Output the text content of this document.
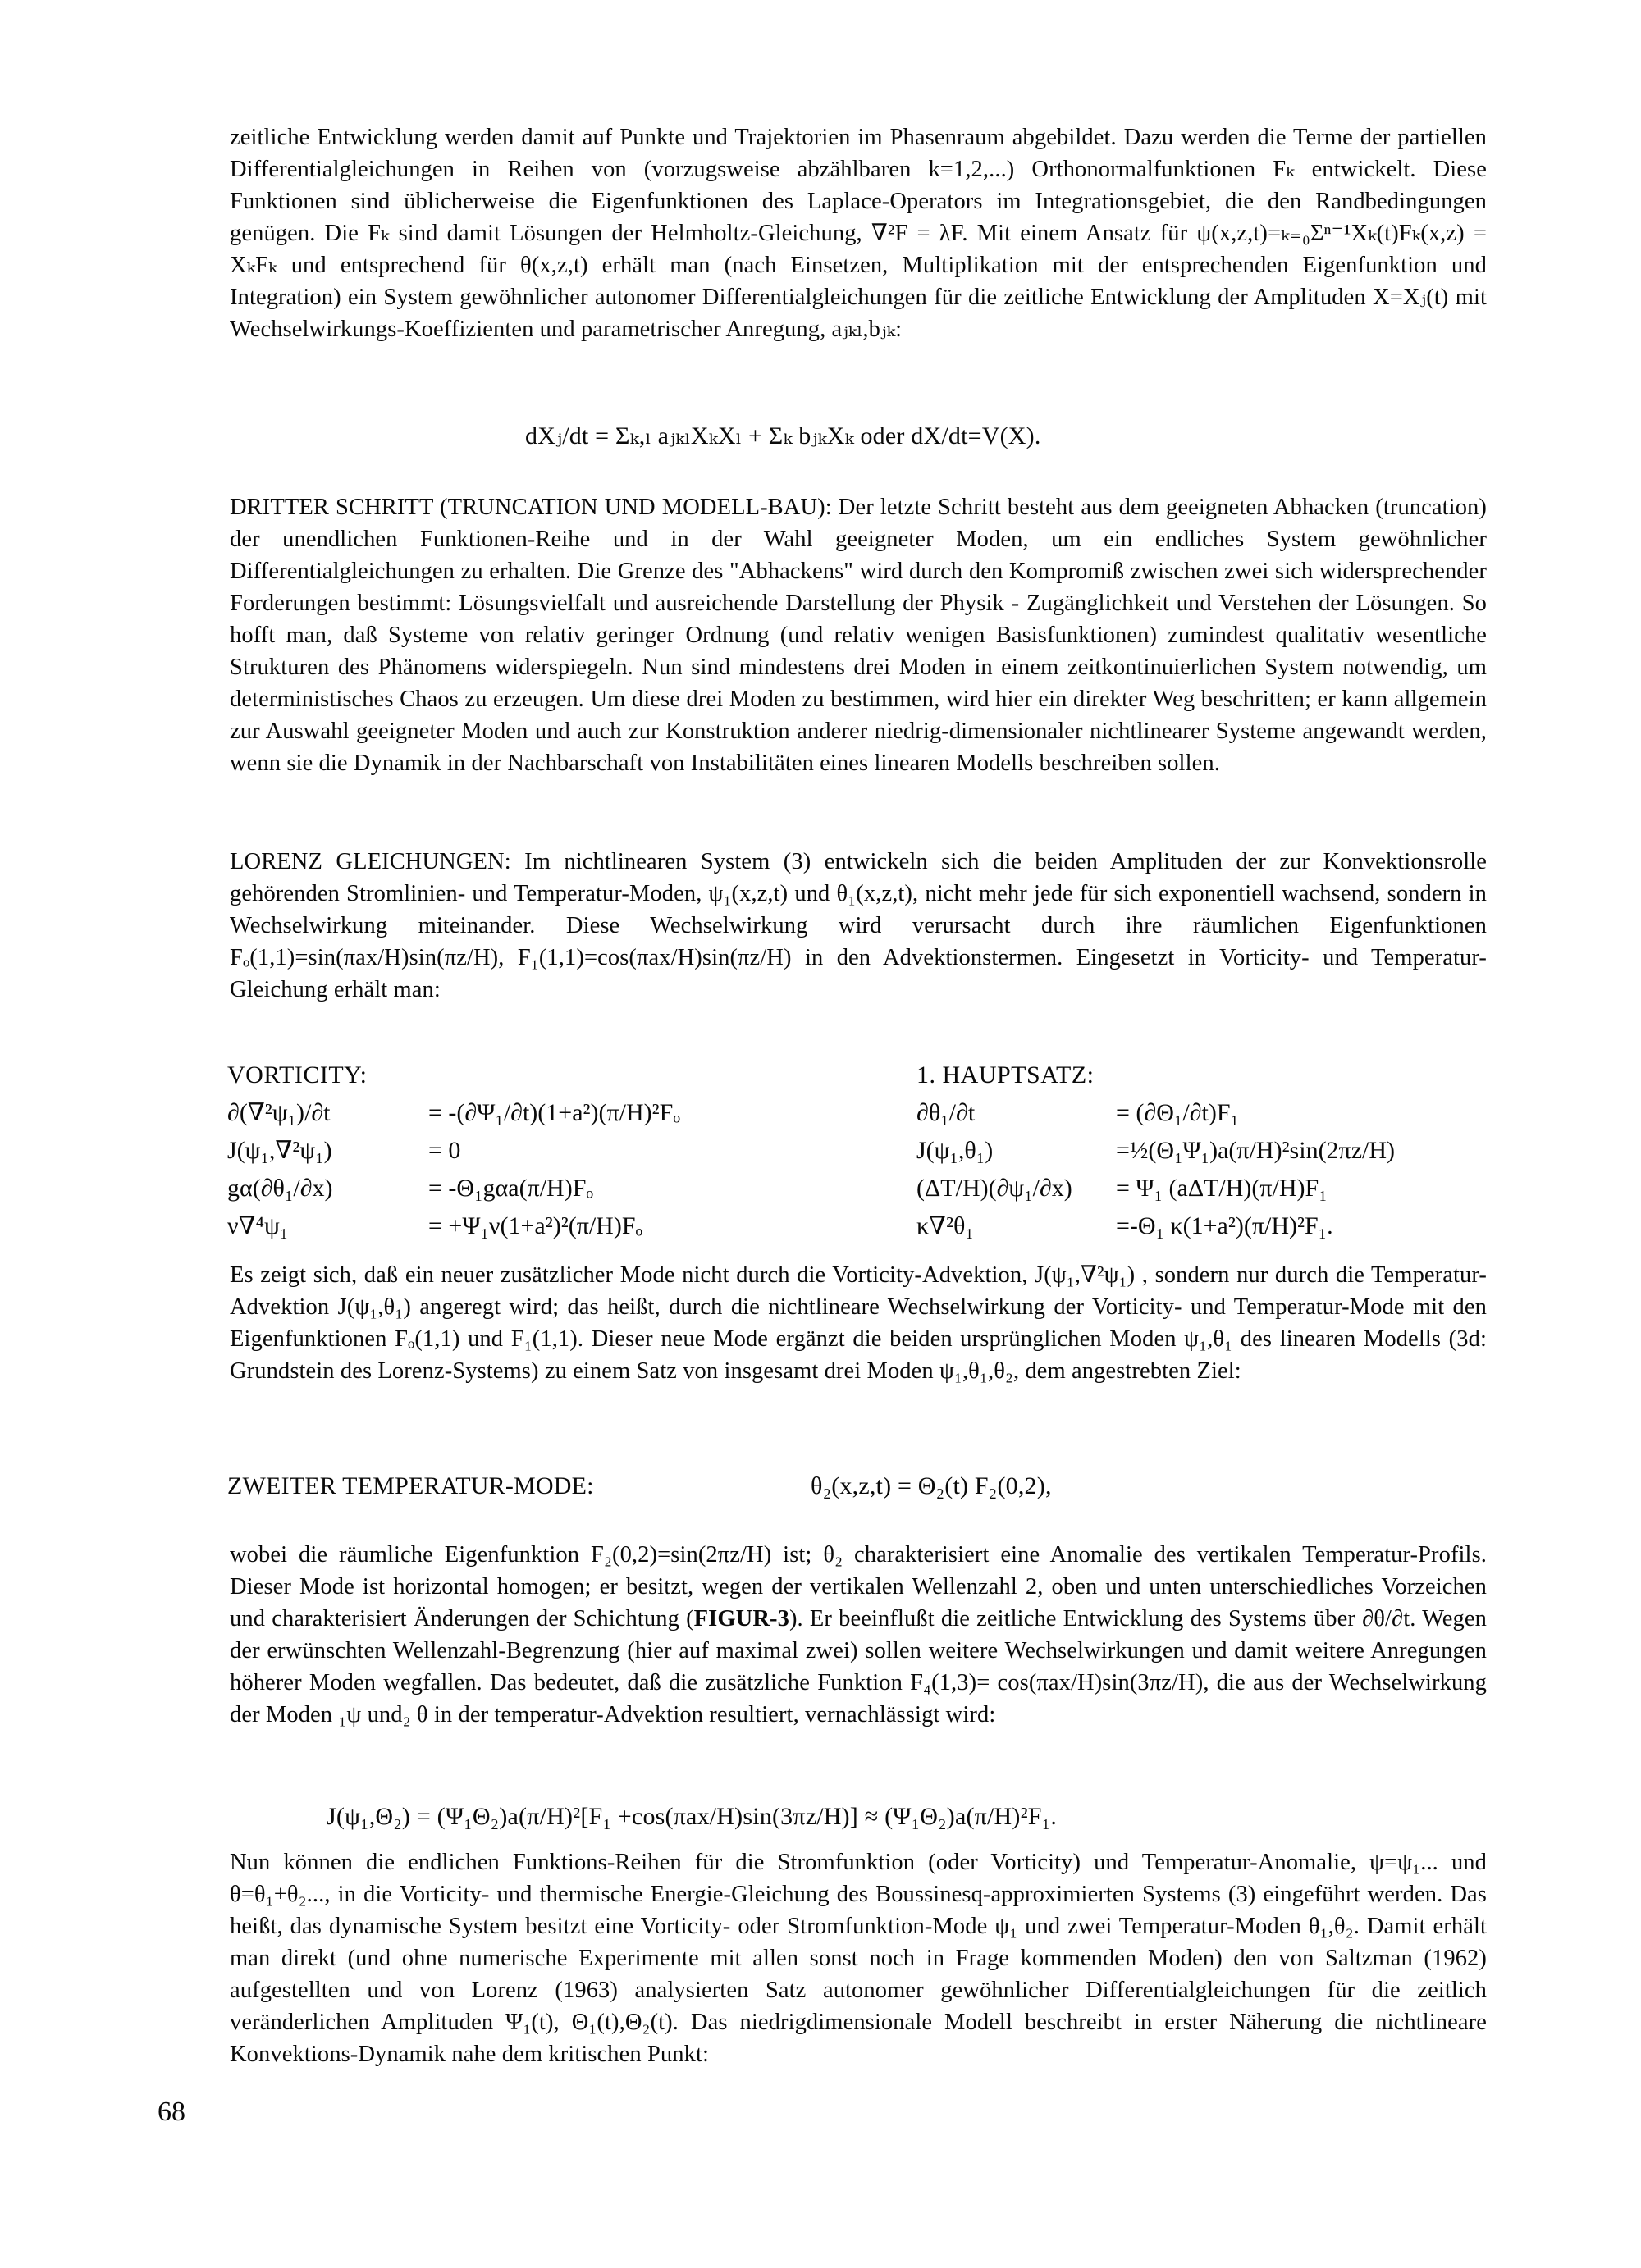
zeitliche Entwicklung werden damit auf Punkte und Trajektorien im Phasenraum abgebildet. Dazu werden die Terme der partiellen Differentialgleichungen in Reihen von (vorzugsweise abzählbaren k=1,2,...) Orthonormalfunktionen Fₖ entwickelt. Diese Funktionen sind üblicherweise die Eigenfunktionen des Laplace-Operators im Integrationsgebiet, die den Randbedingungen genügen. Die Fₖ sind damit Lösungen der Helmholtz-Gleichung, ∇²F = λF. Mit einem Ansatz für ψ(x,z,t)=ₖ₌₀Σⁿ⁻¹Xₖ(t)Fₖ(x,z) = XₖFₖ und entsprechend für θ(x,z,t) erhält man (nach Einsetzen, Multiplikation mit der entsprechenden Eigenfunktion und Integration) ein System gewöhnlicher autonomer Differentialgleichungen für die zeitliche Entwicklung der Amplituden X=Xⱼ(t) mit Wechselwirkungs-Koeffizienten und parametrischer Anregung, aⱼₖₗ,bⱼₖ:

dXⱼ/dt = Σₖ,ₗ aⱼₖₗXₖXₗ + Σₖ bⱼₖXₖ oder dX/dt=V(X).

DRITTER SCHRITT (TRUNCATION UND MODELL-BAU): Der letzte Schritt besteht aus dem geeigneten Abhacken (truncation) der unendlichen Funktionen-Reihe und in der Wahl geeigneter Moden, um ein endliches System gewöhnlicher Differentialgleichungen zu erhalten. Die Grenze des "Abhackens" wird durch den Kompromiß zwischen zwei sich widersprechender Forderungen bestimmt: Lösungsvielfalt und ausreichende Darstellung der Physik - Zugänglichkeit und Verstehen der Lösungen. So hofft man, daß Systeme von relativ geringer Ordnung (und relativ wenigen Basisfunktionen) zumindest qualitativ wesentliche Strukturen des Phänomens widerspiegeln. Nun sind mindestens drei Moden in einem zeitkontinuierlichen System notwendig, um deterministisches Chaos zu erzeugen. Um diese drei Moden zu bestimmen, wird hier ein direkter Weg beschritten; er kann allgemein zur Auswahl geeigneter Moden und auch zur Konstruktion anderer niedrig-dimensionaler nichtlinearer Systeme angewandt werden, wenn sie die Dynamik in der Nachbarschaft von Instabilitäten eines linearen Modells beschreiben sollen.

LORENZ GLEICHUNGEN: Im nichtlinearen System (3) entwickeln sich die beiden Amplituden der zur Konvektionsrolle gehörenden Stromlinien- und Temperatur-Moden, ψ₁(x,z,t) und θ₁(x,z,t), nicht mehr jede für sich exponentiell wachsend, sondern in Wechselwirkung miteinander. Diese Wechselwirkung wird verursacht durch ihre räumlichen Eigenfunktionen Fₒ(1,1)=sin(πax/H)sin(πz/H), F₁(1,1)=cos(πax/H)sin(πz/H) in den Advektionstermen. Eingesetzt in Vorticity- und Temperatur-Gleichung erhält man:

VORTICITY:
∂(∇²ψ₁)/∂t	= -(∂Ψ₁/∂t)(1+a²)(π/H)²Fₒ
J(ψ₁,∇²ψ₁)	= 0
gα(∂θ₁/∂x)	= -Θ₁gαa(π/H)Fₒ
ν∇⁴ψ₁	= +Ψ₁ν(1+a²)²(π/H)Fₒ
1. HAUPTSATZ:
∂θ₁/∂t	= (∂Θ₁/∂t)F₁
J(ψ₁,θ₁)	=½(Θ₁Ψ₁)a(π/H)²sin(2πz/H)
(ΔT/H)(∂ψ₁/∂x) = Ψ₁ (aΔT/H)(π/H)F₁
κ∇²θ₁	=-Θ₁ κ(1+a²)(π/H)²F₁.

Es zeigt sich, daß ein neuer zusätzlicher Mode nicht durch die Vorticity-Advektion, J(ψ₁,∇²ψ₁) , sondern nur durch die Temperatur-Advektion J(ψ₁,θ₁) angeregt wird; das heißt, durch die nichtlineare Wechselwirkung der Vorticity- und Temperatur-Mode mit den Eigenfunktionen Fₒ(1,1) und F₁(1,1). Dieser neue Mode ergänzt die beiden ursprünglichen Moden ψ₁,θ₁ des linearen Modells (3d: Grundstein des Lorenz-Systems) zu einem Satz von insgesamt drei Moden ψ₁,θ₁,θ₂, dem angestrebten Ziel:

ZWEITER TEMPERATUR-MODE:	θ₂(x,z,t) = Θ₂(t) F₂(0,2),

wobei die räumliche Eigenfunktion F₂(0,2)=sin(2πz/H) ist; θ₂ charakterisiert eine Anomalie des vertikalen Temperatur-Profils. Dieser Mode ist horizontal homogen; er besitzt, wegen der vertikalen Wellenzahl 2, oben und unten unterschiedliches Vorzeichen und charakterisiert Änderungen der Schichtung (FIGUR-3). Er beeinflußt die zeitliche Entwicklung des Systems über ∂θ/∂t. Wegen der erwünschten Wellenzahl-Begrenzung (hier auf maximal zwei) sollen weitere Wechselwirkungen und damit weitere Anregungen höherer Moden wegfallen. Das bedeutet, daß die zusätzliche Funktion F₄(1,3)= cos(πax/H)sin(3πz/H), die aus der Wechselwirkung der Moden ₁ψ und₂ θ in der temperatur-Advektion resultiert, vernachlässigt wird:

J(ψ₁,Θ₂) = (Ψ₁Θ₂)a(π/H)²[F₁ +cos(πax/H)sin(3πz/H)] ≈ (Ψ₁Θ₂)a(π/H)²F₁.

Nun können die endlichen Funktions-Reihen für die Stromfunktion (oder Vorticity) und Temperatur-Anomalie, ψ=ψ₁... und θ=θ₁+θ₂..., in die Vorticity- und thermische Energie-Gleichung des Boussinesq-approximierten Systems (3) eingeführt werden. Das heißt, das dynamische System besitzt eine Vorticity- oder Stromfunktion-Mode ψ₁ und zwei Temperatur-Moden θ₁,θ₂. Damit erhält man direkt (und ohne numerische Experimente mit allen sonst noch in Frage kommenden Moden) den von Saltzman (1962) aufgestellten und von Lorenz (1963) analysierten Satz autonomer gewöhnlicher Differentialgleichungen für die zeitlich veränderlichen Amplituden Ψ₁(t), Θ₁(t),Θ₂(t). Das niedrigdimensionale Modell beschreibt in erster Näherung die nichtlineare Konvektions-Dynamik nahe dem kritischen Punkt:

68
